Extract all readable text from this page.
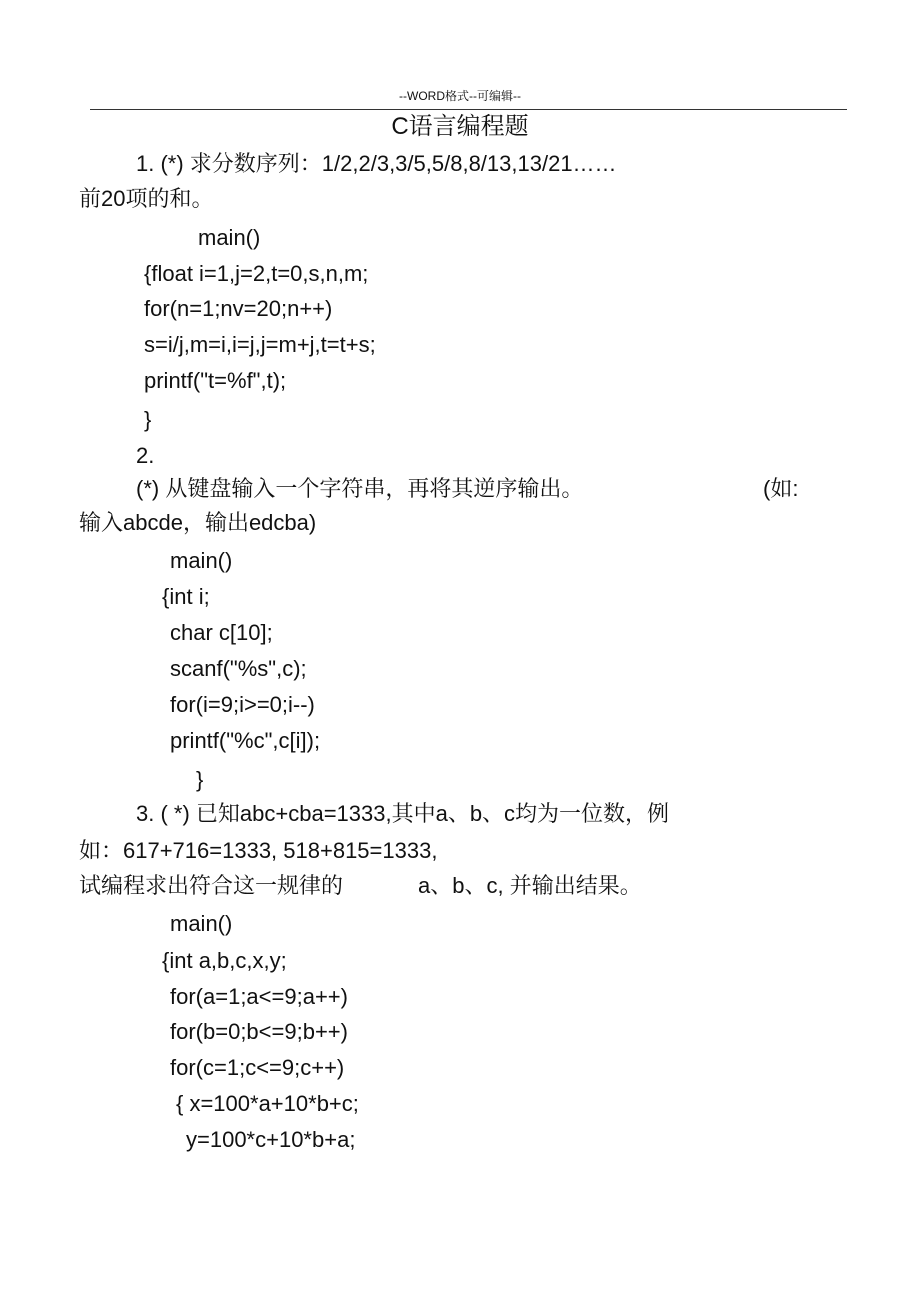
--WORD格式--可编辑--
C语言编程题
1. (*) 求分数序列：1/2,2/3,3/5,5/8,8/13,13/21……
前20项的和。
main()
{float i=1,j=2,t=0,s,n,m;
for(n=1;nv=20;n++)
s=i/j,m=i,i=j,j=m+j,t=t+s;
printf("t=%f",t);
}
2.
(*) 从键盘输入一个字符串，再将其逆序输出。	(如:
输入abcde，输出edcba)
main()
{int i;
char c[10];
scanf("%s",c);
for(i=9;i>=0;i--)
printf("%c",c[i]);
}
3. ( *) 已知abc+cba=1333,其中a、b、c均为一位数，例
如：617+716=1333, 518+815=1333,
试编程求出符合这一规律的	a、b、c, 并输出结果。
main()
{int a,b,c,x,y;
for(a=1;a<=9;a++)
for(b=0;b<=9;b++)
for(c=1;c<=9;c++)
{ x=100*a+10*b+c;
y=100*c+10*b+a;
